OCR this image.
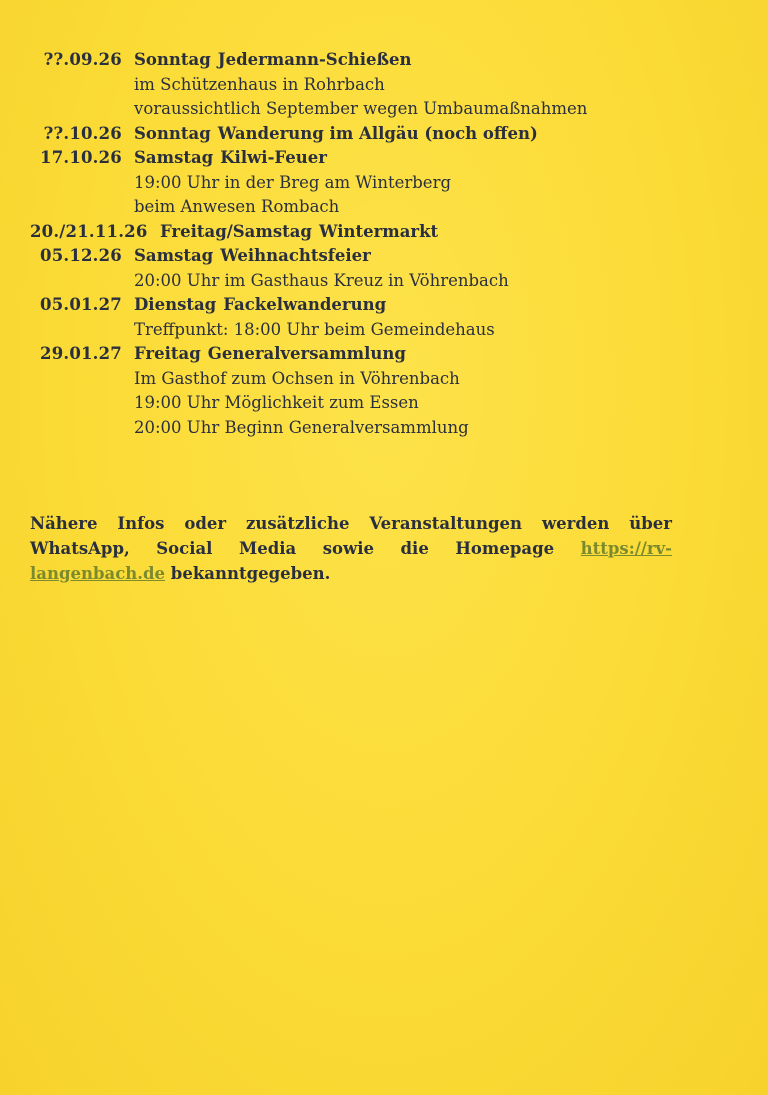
??.09.26 Sonntag Jedermann-Schießen
im Schützenhaus in Rohrbach
voraussichtlich September wegen Umbaumaßnahmen
??.10.26 Sonntag Wanderung im Allgäu (noch offen)
17.10.26 Samstag Kilwi-Feuer
19:00 Uhr in der Breg am Winterberg
beim Anwesen Rombach
20./21.11.26 Freitag/Samstag Wintermarkt
05.12.26 Samstag Weihnachtsfeier
20:00 Uhr im Gasthaus Kreuz in Vöhrenbach
05.01.27 Dienstag Fackelwanderung
Treffpunkt: 18:00 Uhr beim Gemeindehaus
29.01.27 Freitag Generalversammlung
Im Gasthof zum Ochsen in Vöhrenbach
19:00 Uhr Möglichkeit zum Essen
20:00 Uhr Beginn Generalversammlung

Nähere Infos oder zusätzliche Veranstaltungen werden über WhatsApp, Social Media sowie die Homepage https://rv-langenbach.de bekanntgegeben.
